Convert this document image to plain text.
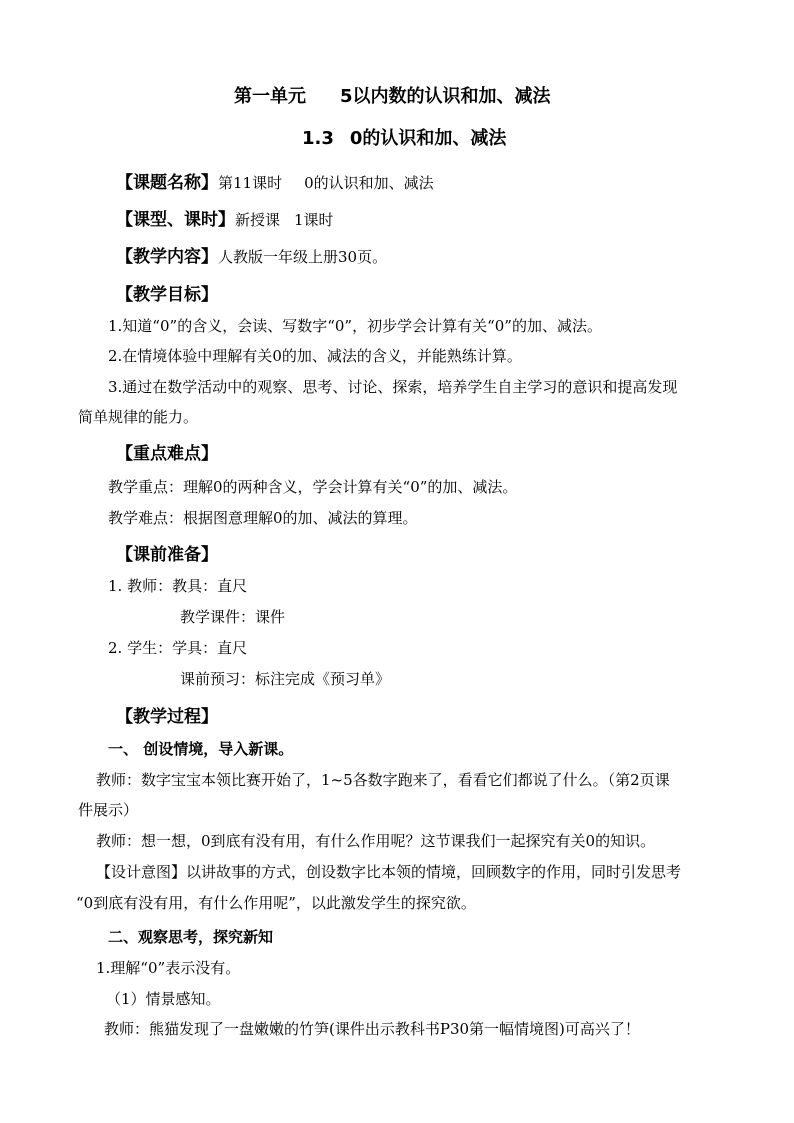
第一单元 5以内数的认识和加、减法
1.3 0的认识和加、减法
【课题名称】第11课时 0的认识和加、减法
【课型、课时】新授课 1课时
【教学内容】人教版一年级上册30页。
【教学目标】
1.知道“0”的含义，会读、写数字“0”，初步学会计算有关“0”的加、减法。
2.在情境体验中理解有关0的加、减法的含义，并能熟练计算。
3.通过在数学活动中的观察、思考、讨论、探索，培养学生自主学习的意识和提高发现
简单规律的能力。
【重点难点】
教学重点：理解0的两种含义，学会计算有关“0”的加、减法。
教学难点：根据图意理解0的加、减法的算理。
【课前准备】
1. 教师：教具：直尺
教学课件：课件
2. 学生：学具：直尺
课前预习：标注完成《预习单》
【教学过程】
一、 创设情境，导入新课。
教师：数字宝宝本领比赛开始了，1~5各数字跑来了，看看它们都说了什么。（第2页课
件展示）
教师：想一想，0到底有没有用，有什么作用呢？这节课我们一起探究有关0的知识。
【设计意图】以讲故事的方式，创设数字比本领的情境，回顾数字的作用，同时引发思考
“0到底有没有用，有什么作用呢”，以此激发学生的探究欲。
二、观察思考，探究新知
1.理解“0”表示没有。
（1）情景感知。
教师：熊猫发现了一盘嫩嫩的竹笋(课件出示教科书P30第一幅情境图)可高兴了！
